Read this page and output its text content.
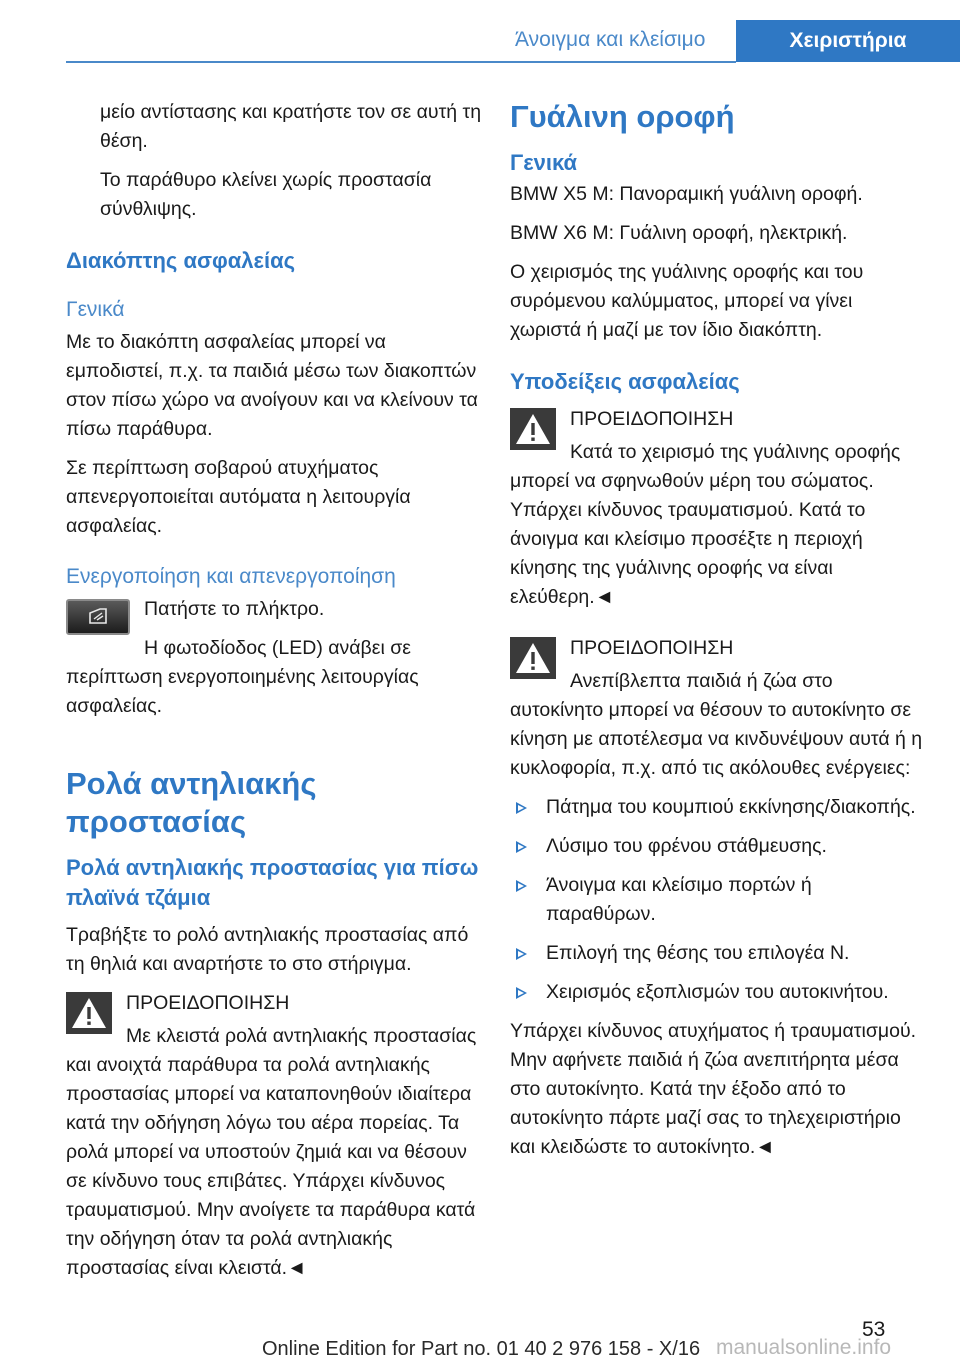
Άνοιγμα και κλείσιμο	Χειριστήρια

μείο αντίστασης και κρατήστε τον σε αυτή τη θέση.

Το παράθυρο κλείνει χωρίς προστασία σύνθλιψης.

Διακόπτης ασφαλείας
Γενικά

Με το διακόπτη ασφαλείας μπορεί να εμποδιστεί, π.χ. τα παιδιά μέσω των διακοπτών στον πίσω χώρο να ανοίγουν και να κλείνουν τα πίσω παράθυρα.

Σε περίπτωση σοβαρού ατυχήματος απενεργοποιείται αυτόματα η λειτουργία ασφαλείας.

Ενεργοποίηση και απενεργοποίηση

Πατήστε το πλήκτρο.

Η φωτοδίοδος (LED) ανάβει σε περίπτωση ενεργοποιημένης λειτουργίας ασφαλείας.

Ρολά αντηλιακής προστασίας
Ρολά αντηλιακής προστασίας για πίσω πλαϊνά τζάμια

Τραβήξτε το ρολό αντηλιακής προστασίας από τη θηλιά και αναρτήστε το στο στήριγμα.

ΠΡΟΕΙΔΟΠΟΙΗΣΗ

Με κλειστά ρολά αντηλιακής προστασίας και ανοιχτά παράθυρα τα ρολά αντηλιακής προστασίας μπορεί να καταπονηθούν ιδιαίτερα κατά την οδήγηση λόγω του αέρα πορείας. Τα ρολά μπορεί να υποστούν ζημιά και να θέσουν σε κίνδυνο τους επιβάτες. Υπάρχει κίνδυνος τραυματισμού. Μην ανοίγετε τα παράθυρα κατά την οδήγηση όταν τα ρολά αντηλιακής προστασίας είναι κλειστά.◄

Γυάλινη οροφή
Γενικά

BMW X5 M: Πανοραμική γυάλινη οροφή.

BMW X6 M: Γυάλινη οροφή, ηλεκτρική.

Ο χειρισμός της γυάλινης οροφής και του συρόμενου καλύμματος, μπορεί να γίνει χωριστά ή μαζί με τον ίδιο διακόπτη.

Υποδείξεις ασφαλείας

ΠΡΟΕΙΔΟΠΟΙΗΣΗ

Κατά το χειρισμό της γυάλινης οροφής μπορεί να σφηνωθούν μέρη του σώματος. Υπάρχει κίνδυνος τραυματισμού. Κατά το άνοιγμα και κλείσιμο προσέξτε η περιοχή κίνησης της γυάλινης οροφής να είναι ελεύθερη.◄

ΠΡΟΕΙΔΟΠΟΙΗΣΗ

Ανεπίβλεπτα παιδιά ή ζώα στο αυτοκίνητο μπορεί να θέσουν το αυτοκίνητο σε κίνηση με αποτέλεσμα να κινδυνέψουν αυτά ή η κυκλοφορία, π.χ. από τις ακόλουθες ενέργειες:

Πάτημα του κουμπιού εκκίνησης/διακοπής.
Λύσιμο του φρένου στάθμευσης.
Άνοιγμα και κλείσιμο πορτών ή παραθύρων.
Επιλογή της θέσης του επιλογέα N.
Χειρισμός εξοπλισμών του αυτοκινήτου.

Υπάρχει κίνδυνος ατυχήματος ή τραυματισμού. Μην αφήνετε παιδιά ή ζώα ανεπιτήρητα μέσα στο αυτοκίνητο. Κατά την έξοδο από το αυτοκίνητο πάρτε μαζί σας το τηλεχειριστήριο και κλειδώστε το αυτοκίνητο.◄

53
Online Edition for Part no. 01 40 2 976 158 - X/16 manualsonline.info
